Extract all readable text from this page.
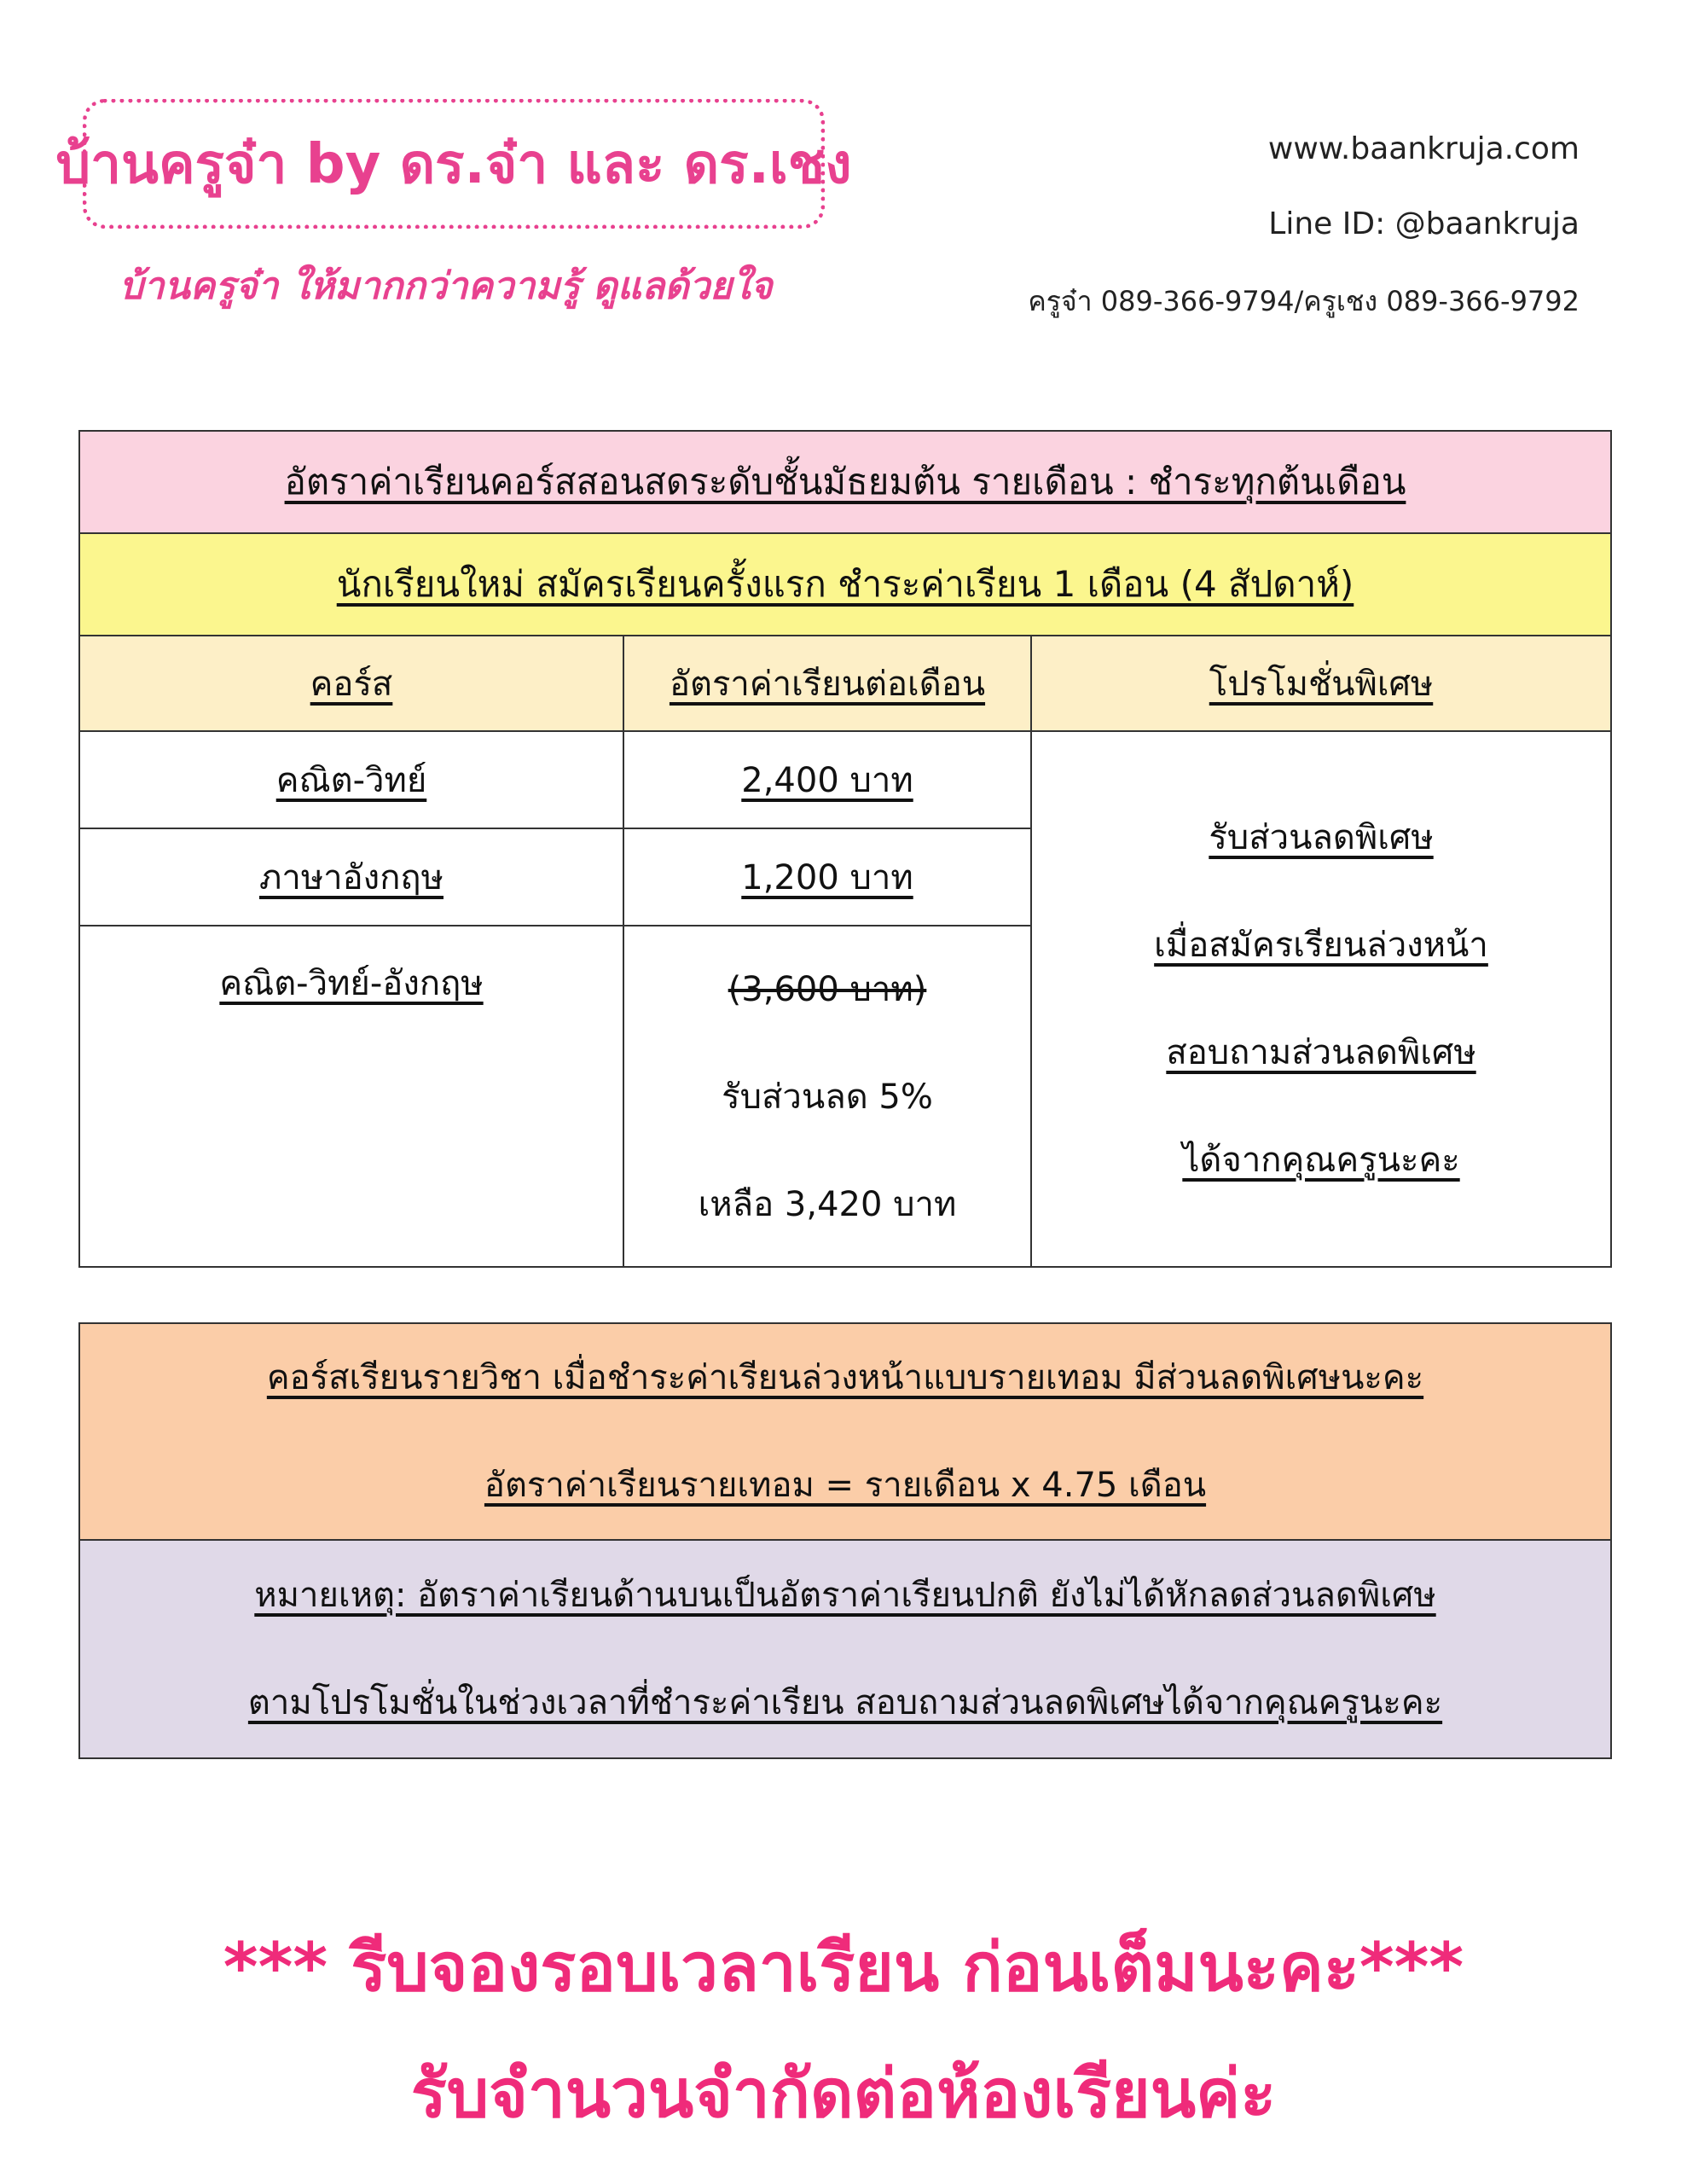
บ้านครูจ๋า by ดร.จ๋า และ ดร.เชง
บ้านครูจ๋า ให้มากกว่าความรู้ ดูแลด้วยใจ
www.baankruja.com
Line ID: @baankruja
ครูจ๋า 089-366-9794/ครูเชง 089-366-9792
อัตราค่าเรียนคอร์สสอนสดระดับชั้นมัธยมต้น รายเดือน : ชำระทุกต้นเดือน		
นักเรียนใหม่ สมัครเรียนครั้งแรก ชำระค่าเรียน 1 เดือน (4 สัปดาห์)		
คอร์ส	อัตราค่าเรียนต่อเดือน	โปรโมชั่นพิเศษ
คณิต-วิทย์	2,400 บาท	รับส่วนลดพิเศษ
เมื่อสมัครเรียนล่วงหน้า
สอบถามส่วนลดพิเศษ
ได้จากคุณครูนะคะ

ภาษาอังกฤษ	1,200 บาท	
คณิต-วิทย์-อังกฤษ	(3,600 บาท)
รับส่วนลด 5%
เหลือ 3,420 บาท	
คอร์สเรียนรายวิชา เมื่อชำระค่าเรียนล่วงหน้าแบบรายเทอม มีส่วนลดพิเศษนะคะ
อัตราค่าเรียนรายเทอม = รายเดือน x 4.75 เดือน

หมายเหตุ: อัตราค่าเรียนด้านบนเป็นอัตราค่าเรียนปกติ ยังไม่ได้หักลดส่วนลดพิเศษ
ตามโปรโมชั่นในช่วงเวลาที่ชำระค่าเรียน สอบถามส่วนลดพิเศษได้จากคุณครูนะคะ
*** รีบจองรอบเวลาเรียน ก่อนเต็มนะคะ***
รับจำนวนจำกัดต่อห้องเรียนค่ะ
